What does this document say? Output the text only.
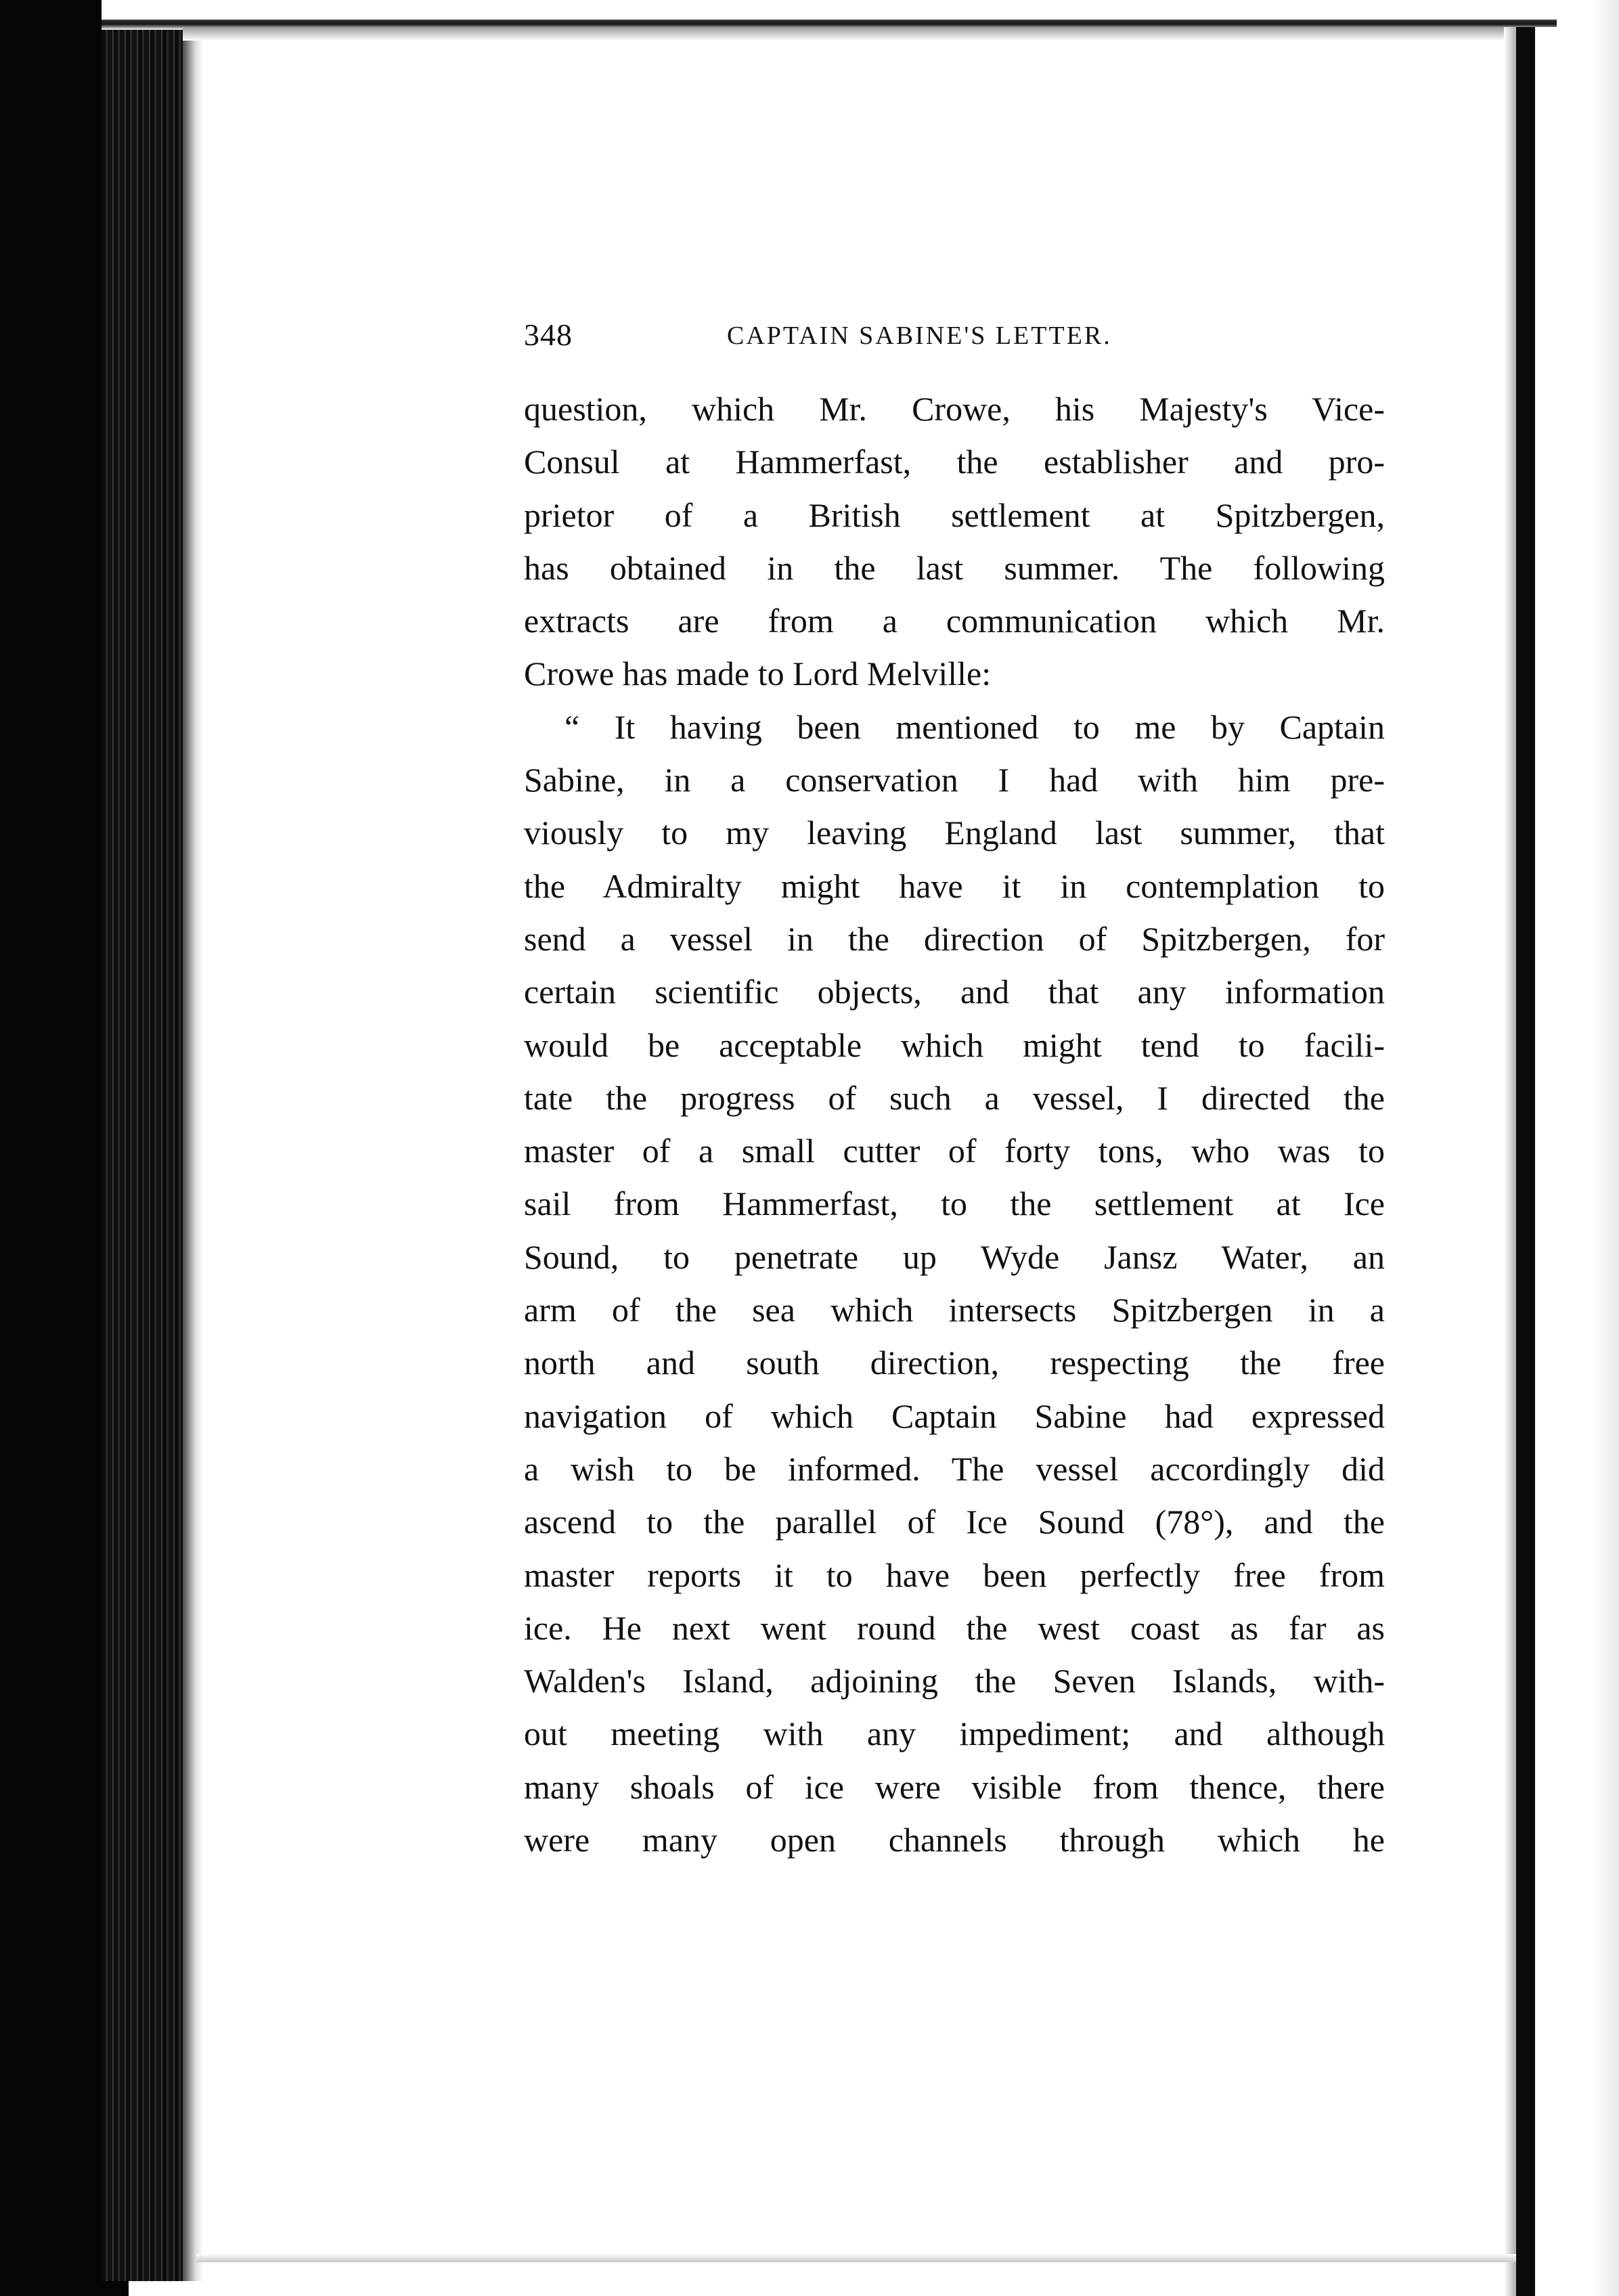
348	CAPTAIN SABINE'S LETTER.
question, which Mr. Crowe, his Majesty's Vice-
Consul at Hammerfast, the establisher and pro-
prietor of a British settlement at Spitzbergen,
has obtained in the last summer. The following
extracts are from a communication which Mr.
Crowe has made to Lord Melville:
“ It having been mentioned to me by Captain
Sabine, in a conservation I had with him pre-
viously to my leaving England last summer, that
the Admiralty might have it in contemplation to
send a vessel in the direction of Spitzbergen, for
certain scientific objects, and that any information
would be acceptable which might tend to facili-
tate the progress of such a vessel, I directed the
master of a small cutter of forty tons, who was to
sail from Hammerfast, to the settlement at Ice
Sound, to penetrate up Wyde Jansz Water, an
arm of the sea which intersects Spitzbergen in a
north and south direction, respecting the free
navigation of which Captain Sabine had expressed
a wish to be informed. The vessel accordingly did
ascend to the parallel of Ice Sound (78°), and the
master reports it to have been perfectly free from
ice. He next went round the west coast as far as
Walden's Island, adjoining the Seven Islands, with-
out meeting with any impediment; and although
many shoals of ice were visible from thence, there
were many open channels through which he
